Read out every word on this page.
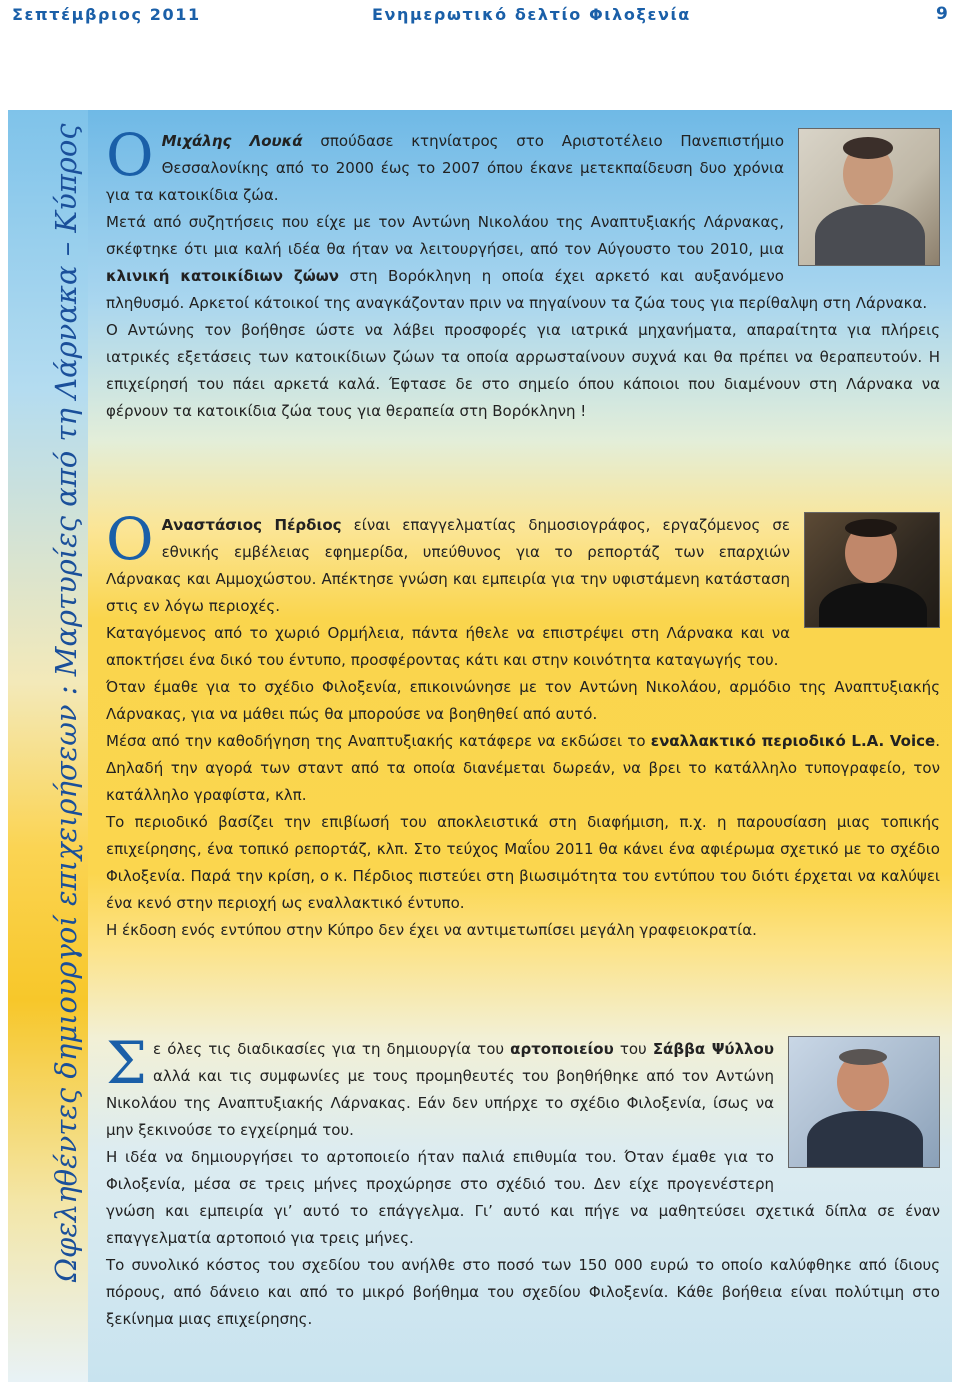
Σεπτέμβριος 2011	Ενημερωτικό δελτίο Φιλοξενία	9
Ωφεληθέντες δημιουργοί επιχειρήσεων : Μαρτυρίες από τη Λάρνακα – Κύπρος Ο Μιχάλης Λουκά σπούδασε κτηνίατρος στο Αριστοτέλειο Πανεπιστήμιο Θεσσαλονίκης από το 2000 έως το 2007 όπου έκανε μετεκπαίδευση δυο χρόνια για τα κατοικίδια ζώα.

Μετά από συζητήσεις που είχε με τον Αντώνη Νικολάου της Αναπτυξιακής Λάρνακας, σκέφτηκε ότι μια καλή ιδέα θα ήταν να λειτουργήσει, από τον Αύγουστο του 2010, μια κλινική κατοικίδιων ζώων στη Βορόκληνη η οποία έχει αρκετό και αυξανόμενο πληθυσμό. Αρκετοί κάτοικοί της αναγκάζονταν πριν να πηγαίνουν τα ζώα τους για περίθαλψη στη Λάρνακα.

Ο Αντώνης τον βοήθησε ώστε να λάβει προσφορές για ιατρικά μηχανήματα, απαραίτητα για πλήρεις ιατρικές εξετάσεις των κατοικίδιων ζώων τα οποία αρρωσταίνουν συχνά και θα πρέπει να θεραπευτούν. Η επιχείρησή του πάει αρκετά καλά. Έφτασε δε στο σημείο όπου κάποιοι που διαμένουν στη Λάρνακα να φέρνουν τα κατοικίδια ζώα τους για θεραπεία στη Βορόκληνη !

Ο Αναστάσιος Πέρδιος είναι επαγγελματίας δημοσιογράφος, εργαζόμενος σε εθνικής εμβέλειας εφημερίδα, υπεύθυνος για το ρεπορτάζ των επαρχιών Λάρνακας και Αμμοχώστου. Απέκτησε γνώση και εμπειρία για την υφιστάμενη κατάσταση στις εν λόγω περιοχές.

Καταγόμενος από το χωριό Ορμήλεια, πάντα ήθελε να επιστρέψει στη Λάρνακα και να αποκτήσει ένα δικό του έντυπο, προσφέροντας κάτι και στην κοινότητα καταγωγής του.

Όταν έμαθε για το σχέδιο Φιλοξενία, επικοινώνησε με τον Αντώνη Νικολάου, αρμόδιο της Αναπτυξιακής Λάρνακας, για να μάθει πώς θα μπορούσε να βοηθηθεί από αυτό.

Μέσα από την καθοδήγηση της Αναπτυξιακής κατάφερε να εκδώσει το εναλλακτικό περιοδικό L.A. Voice. Δηλαδή την αγορά των σταντ από τα οποία διανέμεται δωρεάν, να βρει το κατάλληλο τυπογραφείο, τον κατάλληλο γραφίστα, κλπ.

Το περιοδικό βασίζει την επιβίωσή του αποκλειστικά στη διαφήμιση, π.χ. η παρουσίαση μιας τοπικής επιχείρησης, ένα τοπικό ρεπορτάζ, κλπ. Στο τεύχος Μαΐου 2011 θα κάνει ένα αφιέρωμα σχετικό με το σχέδιο Φιλοξενία. Παρά την κρίση, ο κ. Πέρδιος πιστεύει στη βιωσιμότητα του εντύπου του διότι έρχεται να καλύψει ένα κενό στην περιοχή ως εναλλακτικό έντυπο.

Η έκδοση ενός εντύπου στην Κύπρο δεν έχει να αντιμετωπίσει μεγάλη γραφειοκρατία.

Σ ε όλες τις διαδικασίες για τη δημιουργία του αρτοποιείου του Σάββα Ψύλλου αλλά και τις συμφωνίες με τους προμηθευτές του βοηθήθηκε από τον Αντώνη Νικολάου της Αναπτυξιακής Λάρνακας. Εάν δεν υπήρχε το σχέδιο Φιλοξενία, ίσως να μην ξεκινούσε το εγχείρημά του.

Η ιδέα να δημιουργήσει το αρτοποιείο ήταν παλιά επιθυμία του. Όταν έμαθε για το Φιλοξενία, μέσα σε τρεις μήνες προχώρησε στο σχέδιό του. Δεν είχε προγενέστερη γνώση και εμπειρία γι’ αυτό το επάγγελμα. Γι’ αυτό και πήγε να μαθητεύσει σχετικά δίπλα σε έναν επαγγελματία αρτοποιό για τρεις μήνες.

Το συνολικό κόστος του σχεδίου του ανήλθε στο ποσό των 150 000 ευρώ το οποίο καλύφθηκε από ίδιους πόρους, από δάνειο και από το μικρό βοήθημα του σχεδίου Φιλοξενία. Κάθε βοήθεια είναι πολύτιμη στο ξεκίνημα μιας επιχείρησης.
